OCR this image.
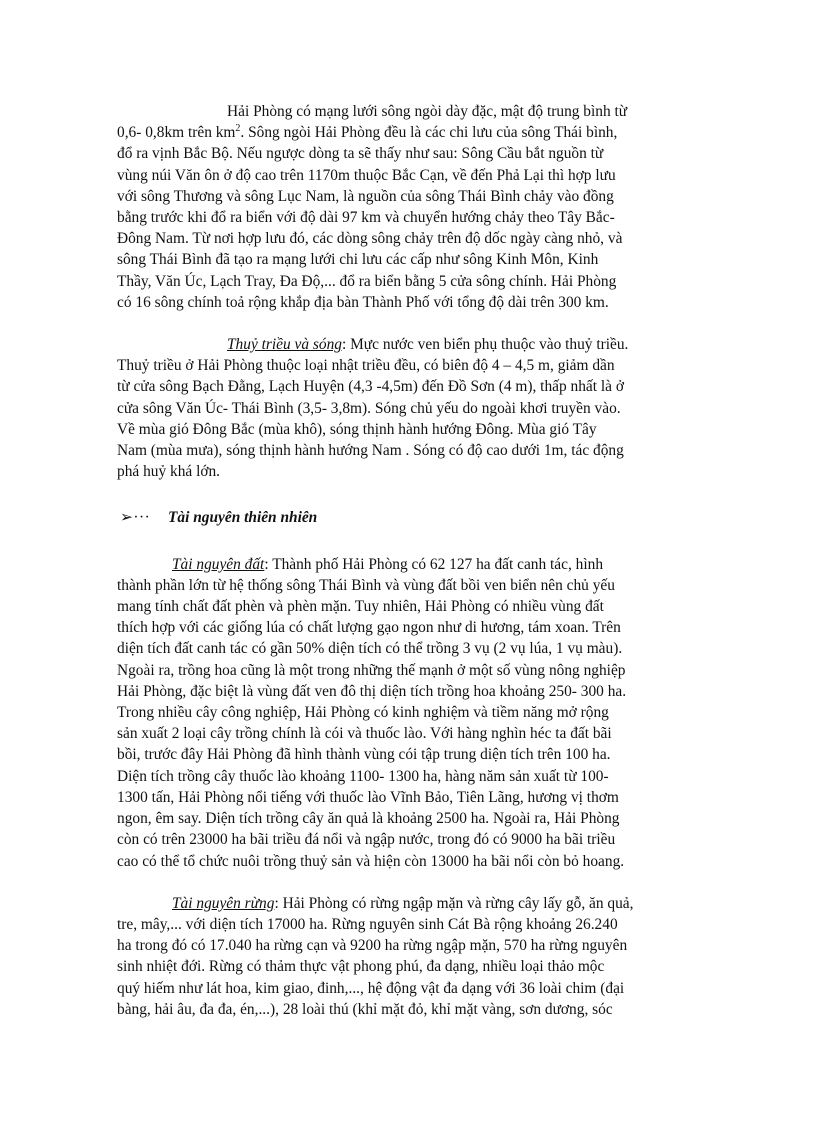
Hải Phòng có mạng lưới sông ngòi dày đặc, mật độ trung bình từ
0,6- 0,8km trên $km^2$. Sông ngòi Hải Phòng đều là các chi lưu của sông Thái bình,
đổ ra vịnh Bắc Bộ. Nếu ngược dòng ta sẽ thấy như sau: Sông Cầu bắt nguồn từ
vùng núi Văn ôn ở độ cao trên 1170m thuộc Bắc Cạn, về đến Phả Lại thì hợp lưu
với sông Thương và sông Lục Nam, là nguồn của sông Thái Bình chảy vào đồng
bằng trước khi đổ ra biển với độ dài 97 km và chuyển hướng chảy theo Tây Bắc-
Đông Nam. Từ nơi hợp lưu đó, các dòng sông chảy trên độ dốc ngày càng nhỏ, và
sông Thái Bình đã tạo ra mạng lưới chi lưu các cấp như sông Kinh Môn, Kinh
Thầy, Văn Úc, Lạch Tray, Đa Độ,... đổ ra biển bằng 5 cửa sông chính. Hải Phòng
có 16 sông chính toả rộng khắp địa bàn Thành Phố với tổng độ dài trên 300 km.

Thuỷ triều và sóng: Mực nước ven biển phụ thuộc vào thuỷ triều.
Thuỷ triều ở Hải Phòng thuộc loại nhật triều đều, có biên độ 4 – 4,5 m, giảm dần
từ cửa sông Bạch Đằng, Lạch Huyện (4,3 -4,5m) đến Đồ Sơn (4 m), thấp nhất là ở
cửa sông Văn Úc- Thái Bình (3,5- 3,8m). Sóng chủ yếu do ngoài khơi truyền vào.
Về mùa gió Đông Bắc (mùa khô), sóng thịnh hành hướng Đông. Mùa gió Tây
Nam (mùa mưa), sóng thịnh hành hướng Nam . Sóng có độ cao dưới 1m, tác động
phá huỷ khá lớn.

➢···	Tài nguyên thiên nhiên

Tài nguyên đất: Thành phố Hải Phòng có 62 127 ha đất canh tác, hình
thành phần lớn từ hệ thống sông Thái Bình và vùng đất bồi ven biển nên chủ yếu
mang tính chất đất phèn và phèn mặn. Tuy nhiên, Hải Phòng có nhiều vùng đất
thích hợp với các giống lúa có chất lượng gạo ngon như di hương, tám xoan. Trên
diện tích đất canh tác có gần 50% diện tích có thể trồng 3 vụ (2 vụ lúa, 1 vụ màu).
Ngoài ra, trồng hoa cũng là một trong những thế mạnh ở một số vùng nông nghiệp
Hải Phòng, đặc biệt là vùng đất ven đô thị diện tích trồng hoa khoảng 250- 300 ha.
Trong nhiều cây công nghiệp, Hải Phòng có kinh nghiệm và tiềm năng mở rộng
sản xuất 2 loại cây trồng chính là cói và thuốc lào. Với hàng nghìn héc ta đất bãi
bồi, trước đây Hải Phòng đã hình thành vùng cói tập trung diện tích trên 100 ha.
Diện tích trồng cây thuốc lào khoảng 1100- 1300 ha, hàng năm sản xuất từ 100-
1300 tấn, Hải Phòng nổi tiếng với thuốc lào Vĩnh Bảo, Tiên Lãng, hương vị thơm
ngon, êm say. Diện tích trồng cây ăn quả là khoảng 2500 ha. Ngoài ra, Hải Phòng
còn có trên 23000 ha bãi triều đá nổi và ngập nước, trong đó có 9000 ha bãi triều
cao có thể tổ chức nuôi trồng thuỷ sản và hiện còn 13000 ha bãi nổi còn bỏ hoang.

Tài nguyên rừng: Hải Phòng có rừng ngập mặn và rừng cây lấy gỗ, ăn quả,
tre, mây,... với diện tích 17000 ha. Rừng nguyên sinh Cát Bà rộng khoảng 26.240
ha trong đó có 17.040 ha rừng cạn và 9200 ha rừng ngập mặn, 570 ha rừng nguyên
sinh nhiệt đới. Rừng có thảm thực vật phong phú, đa dạng, nhiều loại thảo mộc
quý hiếm như lát hoa, kim giao, đinh,..., hệ động vật đa dạng với 36 loài chim (đại
bàng, hải âu, đa đa, én,...), 28 loài thú (khỉ mặt đỏ, khỉ mặt vàng, sơn dương, sóc
